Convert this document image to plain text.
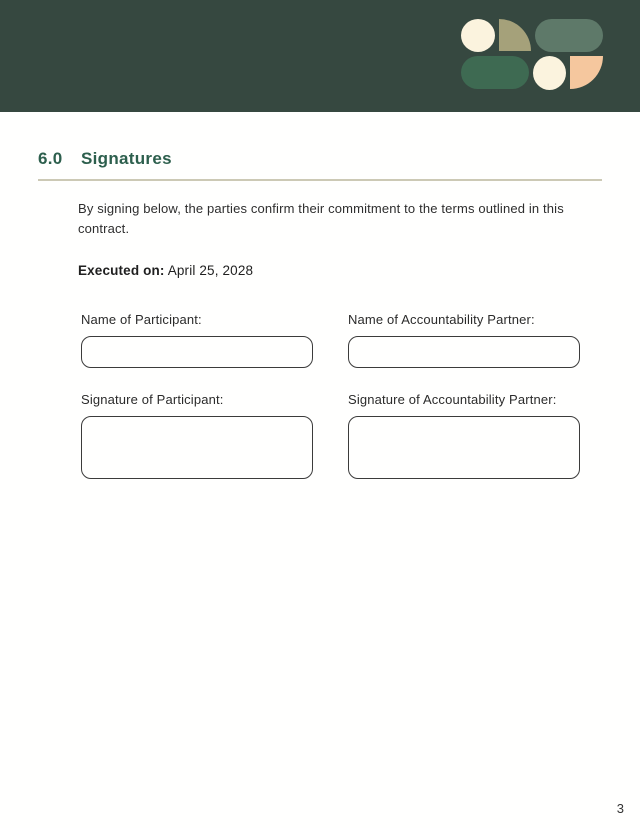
6.0	Signatures

By signing below, the parties confirm their commitment to the terms outlined in this contract.

Executed on: April 25, 2028

Name of Participant:	Name of Accountability Partner:
Signature of Participant:	Signature of Accountability Partner:
3
